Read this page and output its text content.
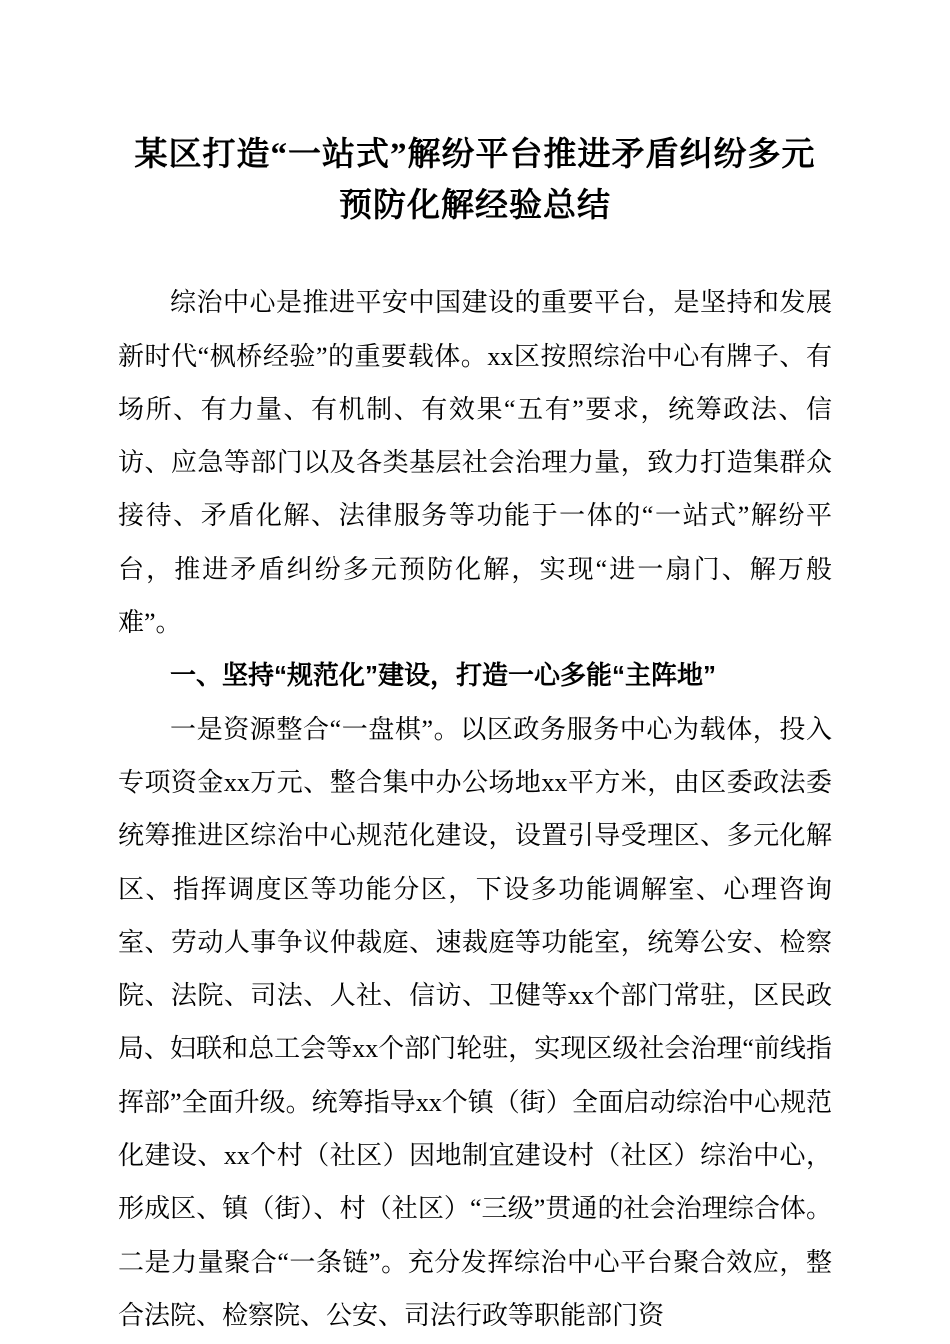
某区打造“一站式”解纷平台推进矛盾纠纷多元预防化解经验总结

综治中心是推进平安中国建设的重要平台，是坚持和发展新时代“枫桥经验”的重要载体。xx区按照综治中心有牌子、有场所、有力量、有机制、有效果“五有”要求，统筹政法、信访、应急等部门以及各类基层社会治理力量，致力打造集群众接待、矛盾化解、法律服务等功能于一体的“一站式”解纷平台，推进矛盾纠纷多元预防化解，实现“进一扇门、解万般难”。

一、坚持“规范化”建设，打造一心多能“主阵地”

一是资源整合“一盘棋”。以区政务服务中心为载体，投入专项资金xx万元、整合集中办公场地xx平方米，由区委政法委统筹推进区综治中心规范化建设，设置引导受理区、多元化解区、指挥调度区等功能分区，下设多功能调解室、心理咨询室、劳动人事争议仲裁庭、速裁庭等功能室，统筹公安、检察院、法院、司法、人社、信访、卫健等xx个部门常驻，区民政局、妇联和总工会等xx个部门轮驻，实现区级社会治理“前线指挥部”全面升级。统筹指导xx个镇（街）全面启动综治中心规范化建设、xx个村（社区）因地制宜建设村（社区）综治中心，形成区、镇（街）、村（社区）“三级”贯通的社会治理综合体。二是力量聚合“一条链”。充分发挥综治中心平台聚合效应，整合法院、检察院、公安、司法行政等职能部门资
